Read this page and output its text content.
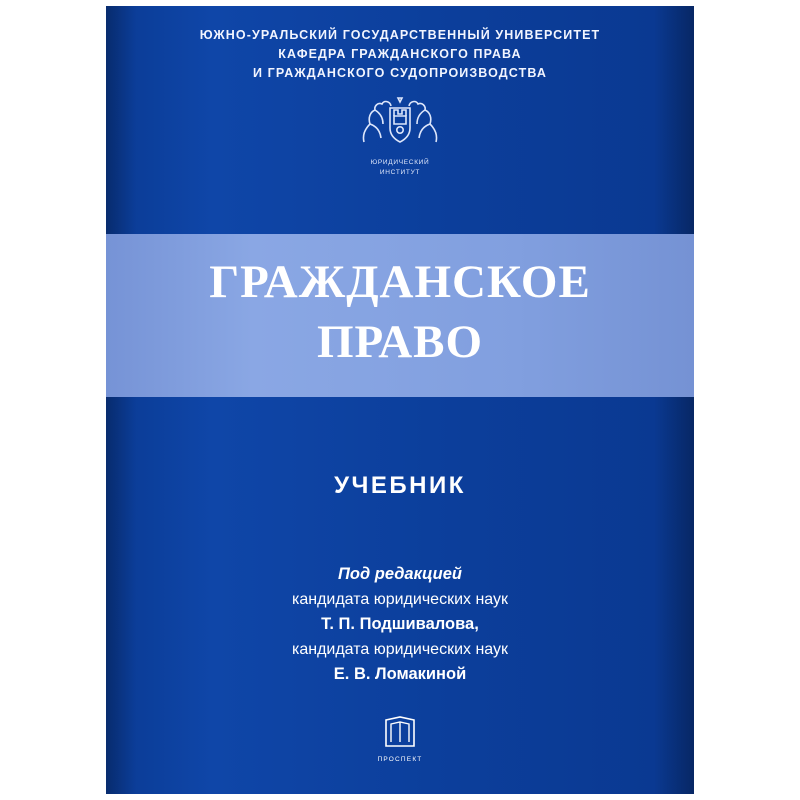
ЮЖНО-УРАЛЬСКИЙ ГОСУДАРСТВЕННЫЙ УНИВЕРСИТЕТ
КАФЕДРА ГРАЖДАНСКОГО ПРАВА
И ГРАЖДАНСКОГО СУДОПРОИЗВОДСТВА
ЮРИДИЧЕСКИЙ
ИНСТИТУТ
ГРАЖДАНСКОЕ
ПРАВО
УЧЕБНИК
Под редакцией
кандидата юридических наук
Т. П. Подшивалова,
кандидата юридических наук
Е. В. Ломакиной
ПРОСПЕКТ
